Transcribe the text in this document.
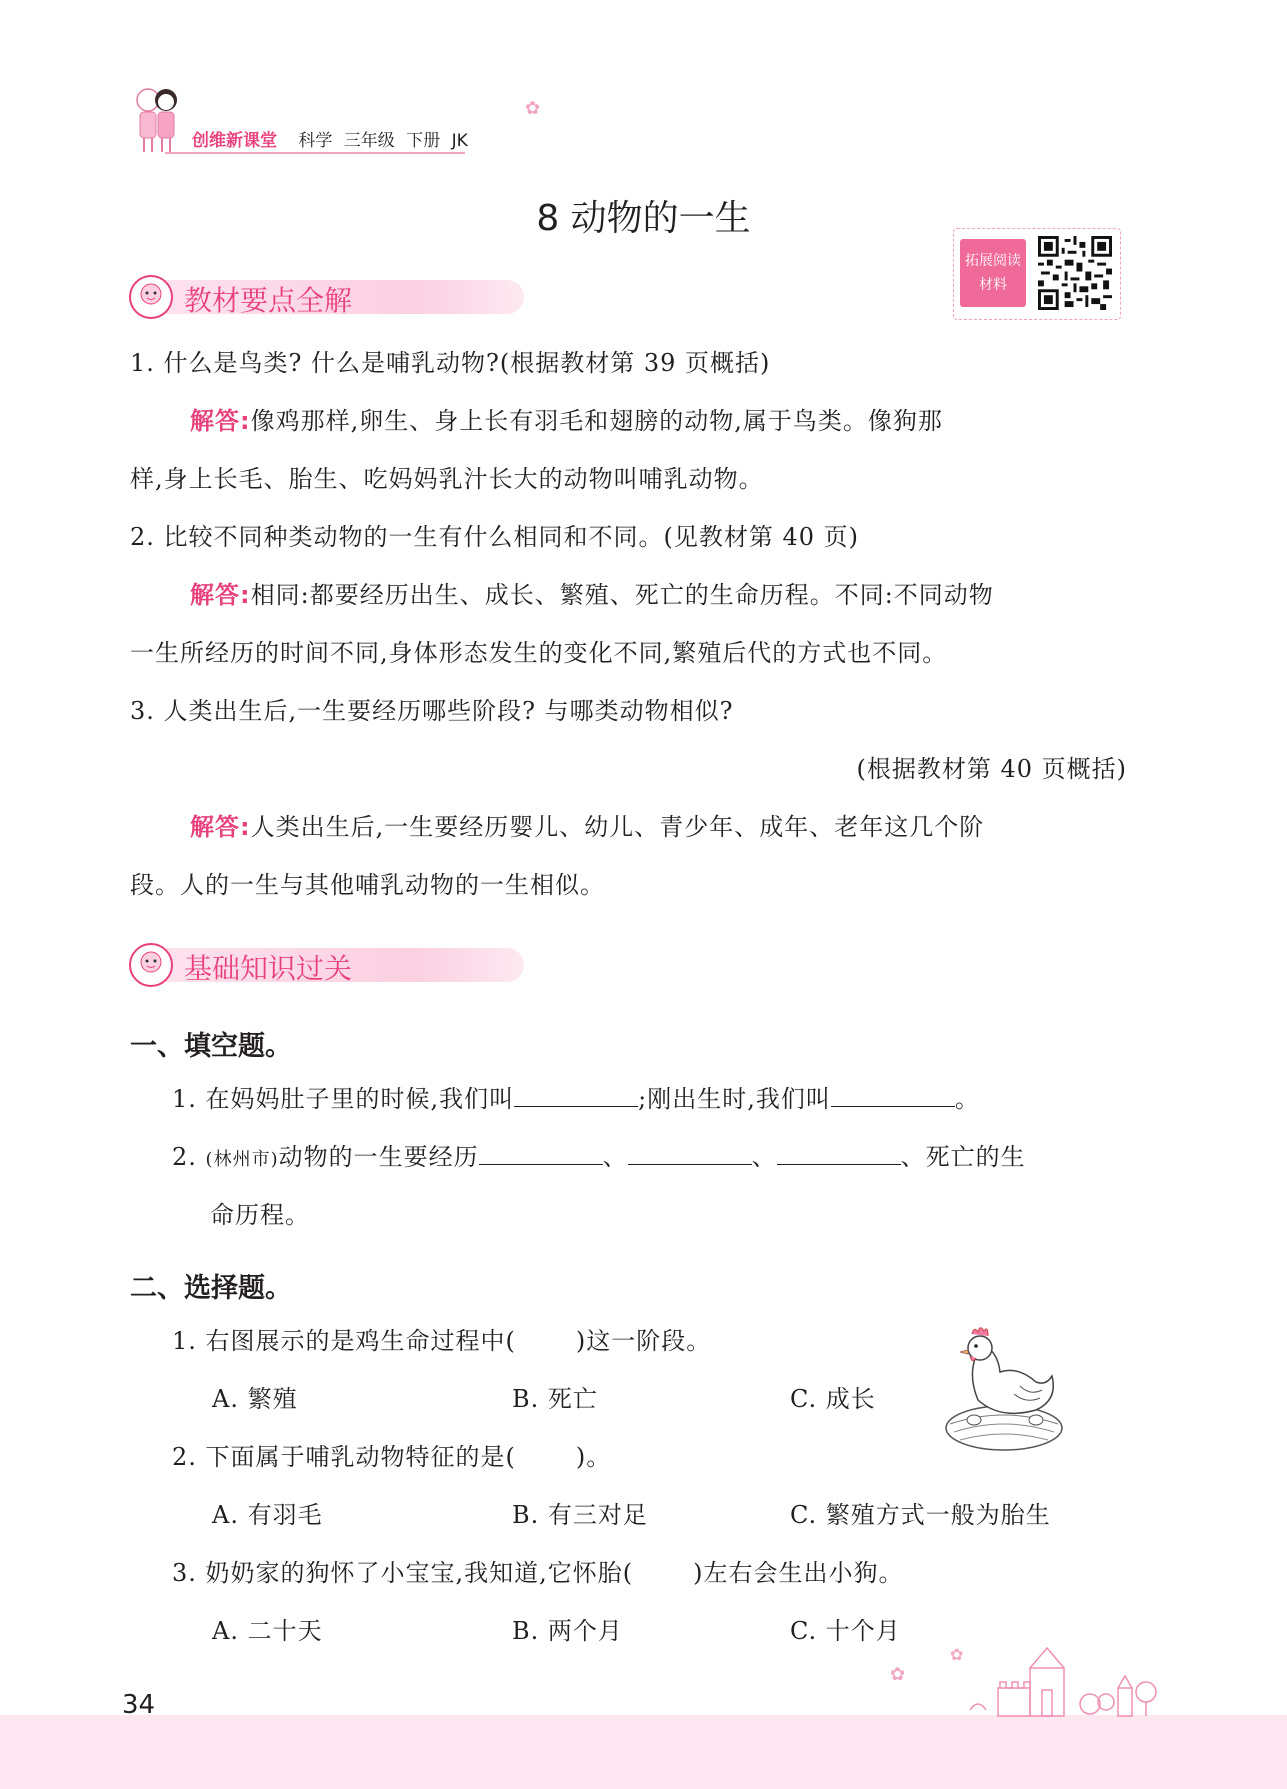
创维新课堂 科学 三年级 下册 JK
✿
8 动物的一生
拓展阅读
材料
教材要点全解
1. 什么是鸟类? 什么是哺乳动物?(根据教材第 39 页概括)
解答:像鸡那样,卵生、身上长有羽毛和翅膀的动物,属于鸟类。像狗那
样,身上长毛、胎生、吃妈妈乳汁长大的动物叫哺乳动物。
2. 比较不同种类动物的一生有什么相同和不同。(见教材第 40 页)
解答:相同:都要经历出生、成长、繁殖、死亡的生命历程。不同:不同动物
一生所经历的时间不同,身体形态发生的变化不同,繁殖后代的方式也不同。
3. 人类出生后,一生要经历哪些阶段? 与哪类动物相似?
(根据教材第 40 页概括)
解答:人类出生后,一生要经历婴儿、幼儿、青少年、成年、老年这几个阶
段。人的一生与其他哺乳动物的一生相似。
基础知识过关
一、填空题。
1. 在妈妈肚子里的时候,我们叫	;刚出生时,我们叫	。
2. (林州市)动物的一生要经历	、	、	、死亡的生
命历程。
二、选择题。
1. 右图展示的是鸡生命过程中(	)这一阶段。
A. 繁殖	B. 死亡	C. 成长
2. 下面属于哺乳动物特征的是(	)。
A. 有羽毛	B. 有三对足	C. 繁殖方式一般为胎生
3. 奶奶家的狗怀了小宝宝,我知道,它怀胎(	)左右会生出小狗。
A. 二十天	B. 两个月	C. 十个月
34
✿
✿
